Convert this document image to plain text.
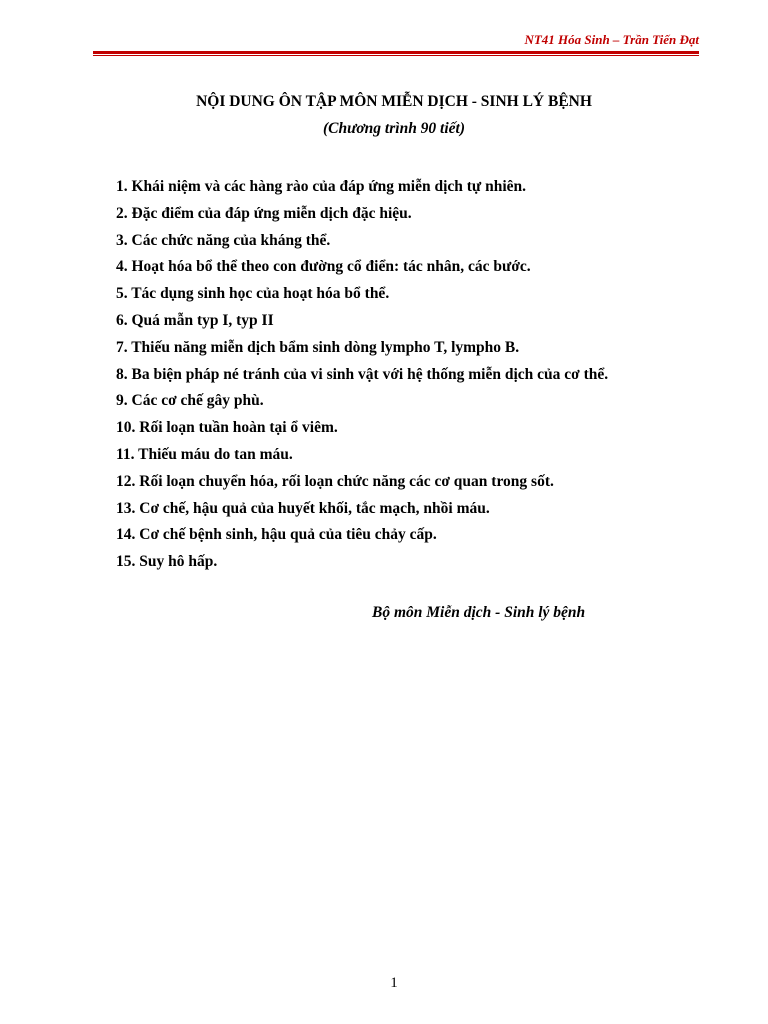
NT41 Hóa Sinh – Trần Tiến Đạt
NỘI DUNG ÔN TẬP MÔN MIỄN DỊCH - SINH LÝ BỆNH
(Chương trình 90 tiết)
1. Khái niệm và các hàng rào của đáp ứng miễn dịch tự nhiên.
2. Đặc điểm của đáp ứng miễn dịch đặc hiệu.
3. Các chức năng của kháng thể.
4. Hoạt hóa bổ thể theo con đường cổ điển: tác nhân, các bước.
5. Tác dụng sinh học của hoạt hóa bổ thể.
6. Quá mẫn typ I, typ II
7. Thiếu năng miễn dịch bẩm sinh dòng lympho T, lympho B.
8. Ba biện pháp né tránh của vi sinh vật với hệ thống miễn dịch của cơ thể.
9. Các cơ chế gây phù.
10. Rối loạn tuần hoàn tại ổ viêm.
11. Thiếu máu do tan máu.
12. Rối loạn chuyển hóa, rối loạn chức năng các cơ quan trong sốt.
13. Cơ chế, hậu quả của huyết khối, tắc mạch, nhồi máu.
14. Cơ chế bệnh sinh, hậu quả của tiêu chảy cấp.
15. Suy hô hấp.
Bộ môn Miễn dịch - Sinh lý bệnh
1
